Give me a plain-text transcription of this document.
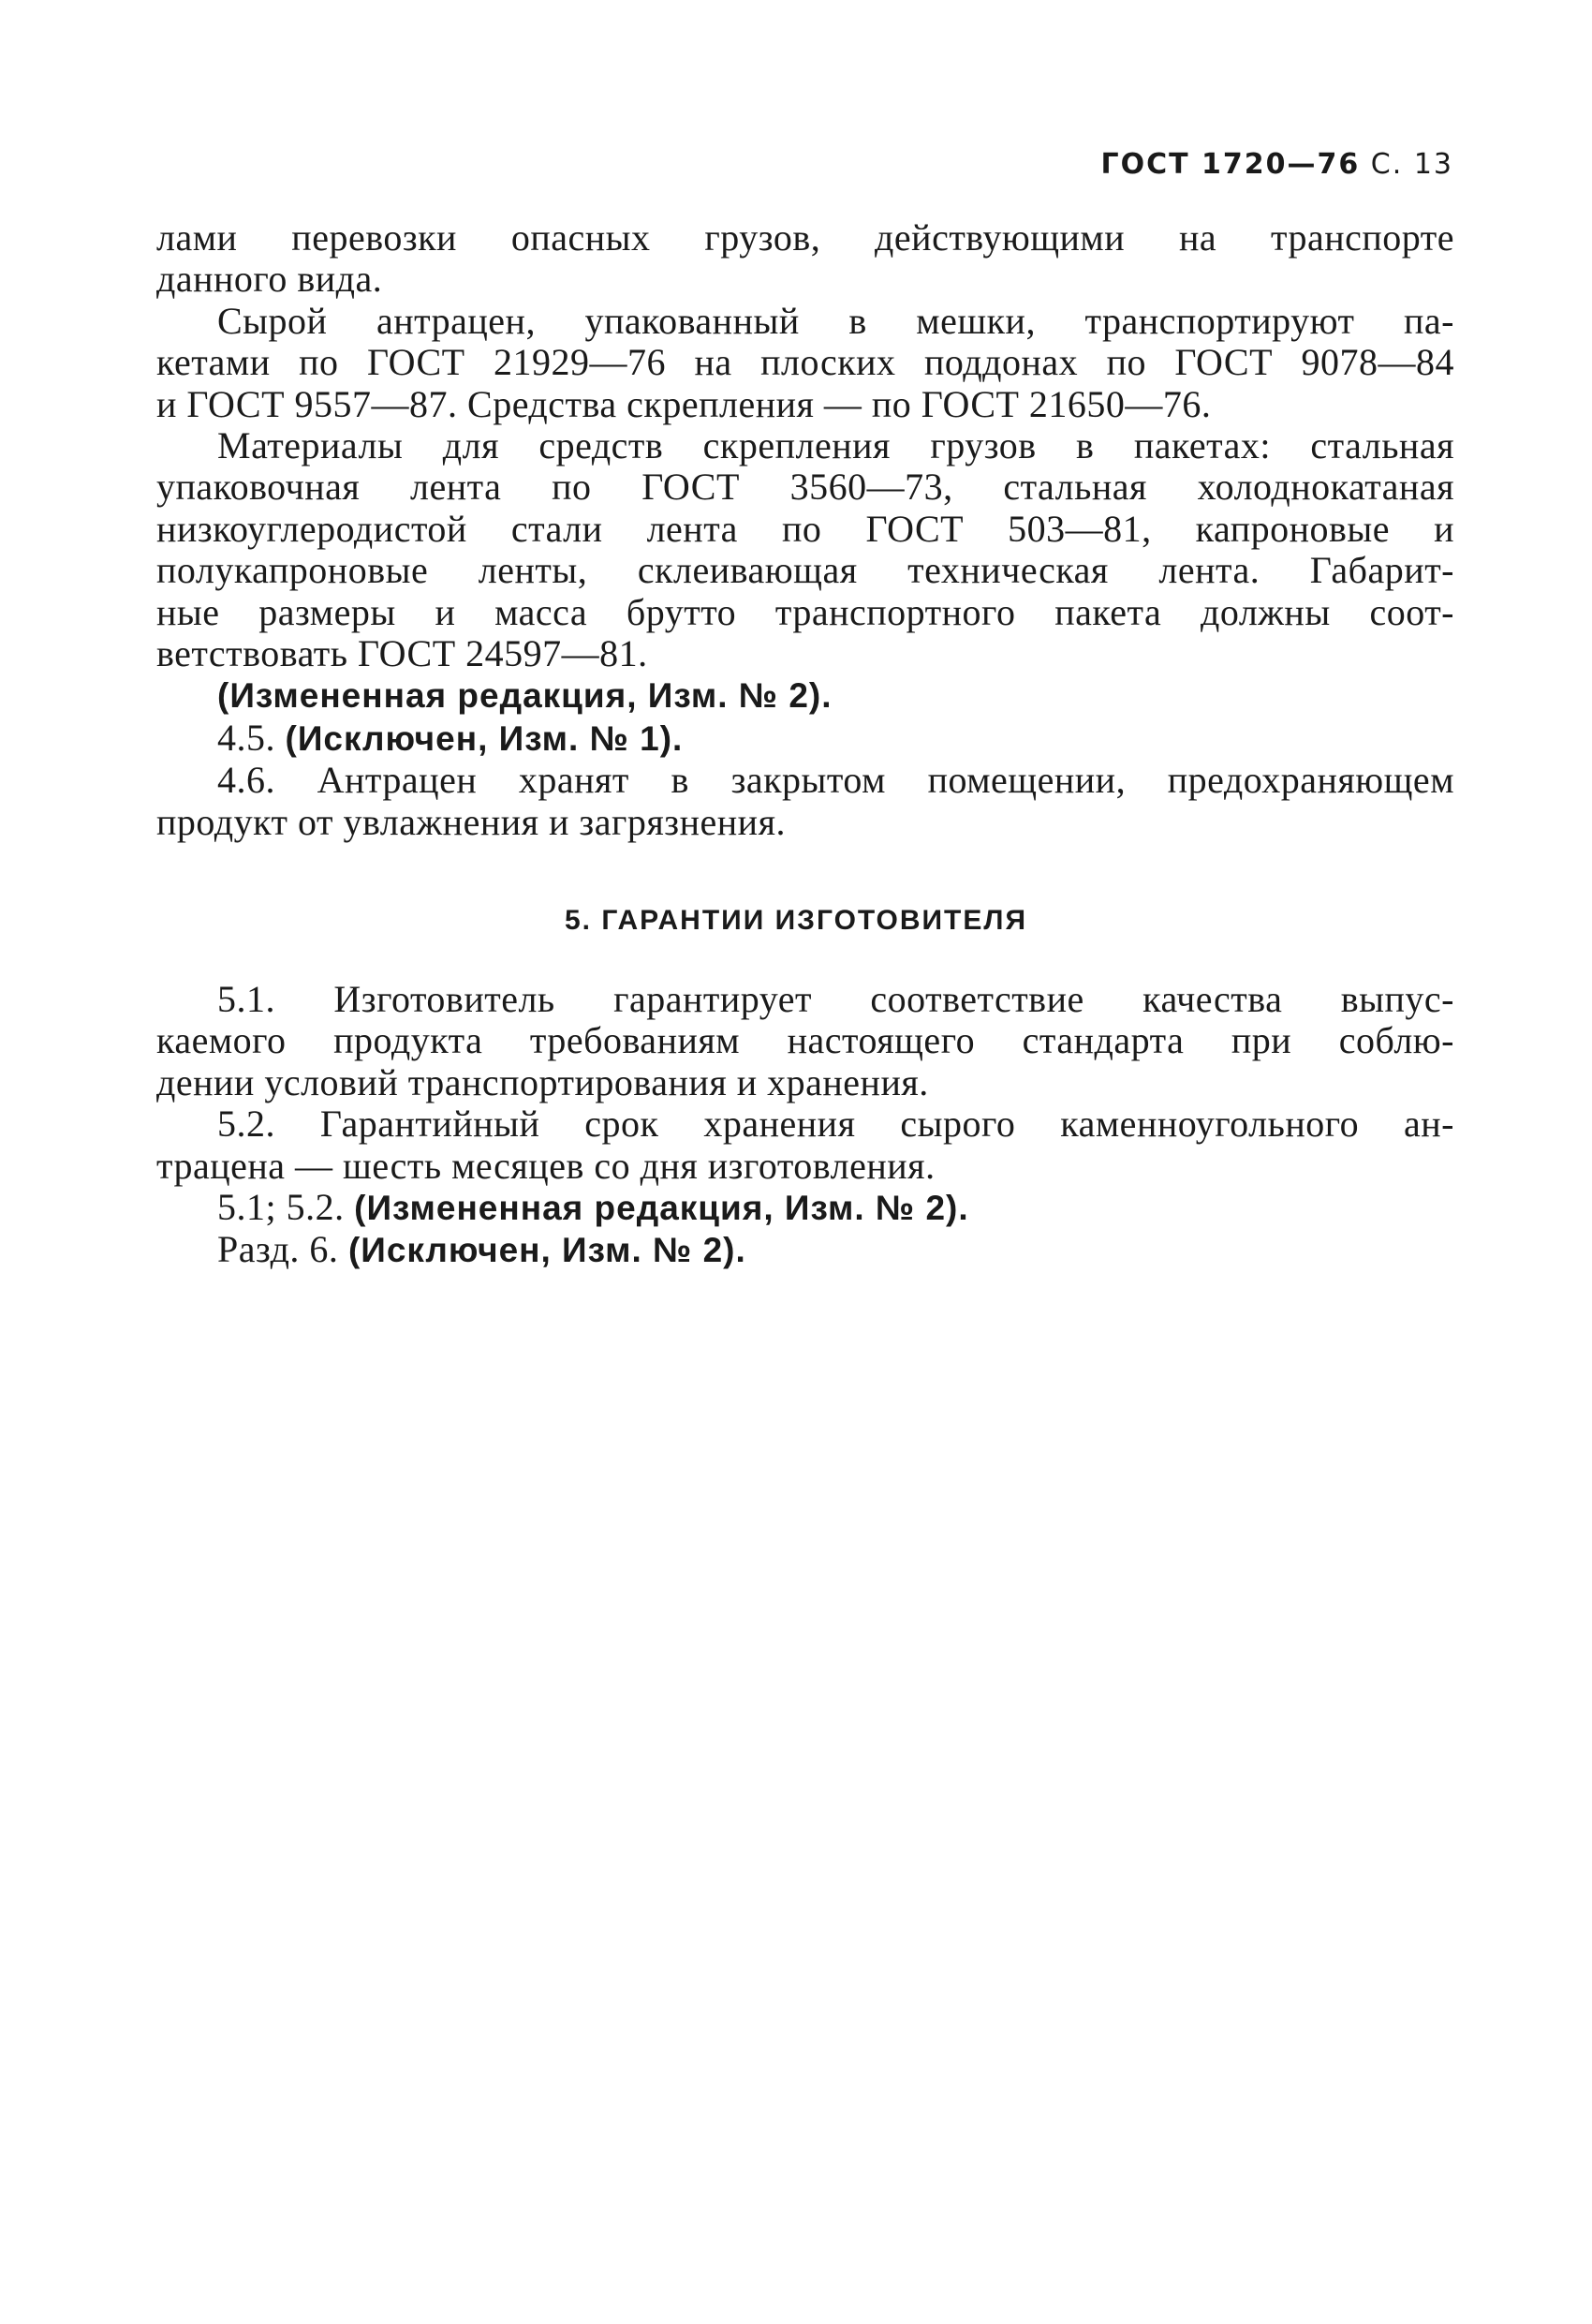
ГОСТ 1720—76 С. 13
лами перевозки опасных грузов, действующими на транспорте
данного вида.
Сырой антрацен, упакованный в мешки, транспортируют па-
кетами по ГОСТ 21929—76 на плоских поддонах по ГОСТ 9078—84
и ГОСТ 9557—87. Средства скрепления — по ГОСТ 21650—76.
Материалы для средств скрепления грузов в пакетах: стальная
упаковочная лента по ГОСТ 3560—73, стальная холоднокатаная
низкоуглеродистой стали лента по ГОСТ 503—81, капроновые и
полукапроновые ленты, склеивающая техническая лента. Габарит-
ные размеры и масса брутто транспортного пакета должны соот-
ветствовать ГОСТ 24597—81.
(Измененная редакция, Изм. № 2).
4.5. (Исключен, Изм. № 1).
4.6. Антрацен хранят в закрытом помещении, предохраняющем
продукт от увлажнения и загрязнения.
5. ГАРАНТИИ ИЗГОТОВИТЕЛЯ
5.1. Изготовитель гарантирует соответствие качества выпус-
каемого продукта требованиям настоящего стандарта при соблю-
дении условий транспортирования и хранения.
5.2. Гарантийный срок хранения сырого каменноугольного ан-
трацена — шесть месяцев со дня изготовления.
5.1; 5.2. (Измененная редакция, Изм. № 2).
Разд. 6. (Исключен, Изм. № 2).
